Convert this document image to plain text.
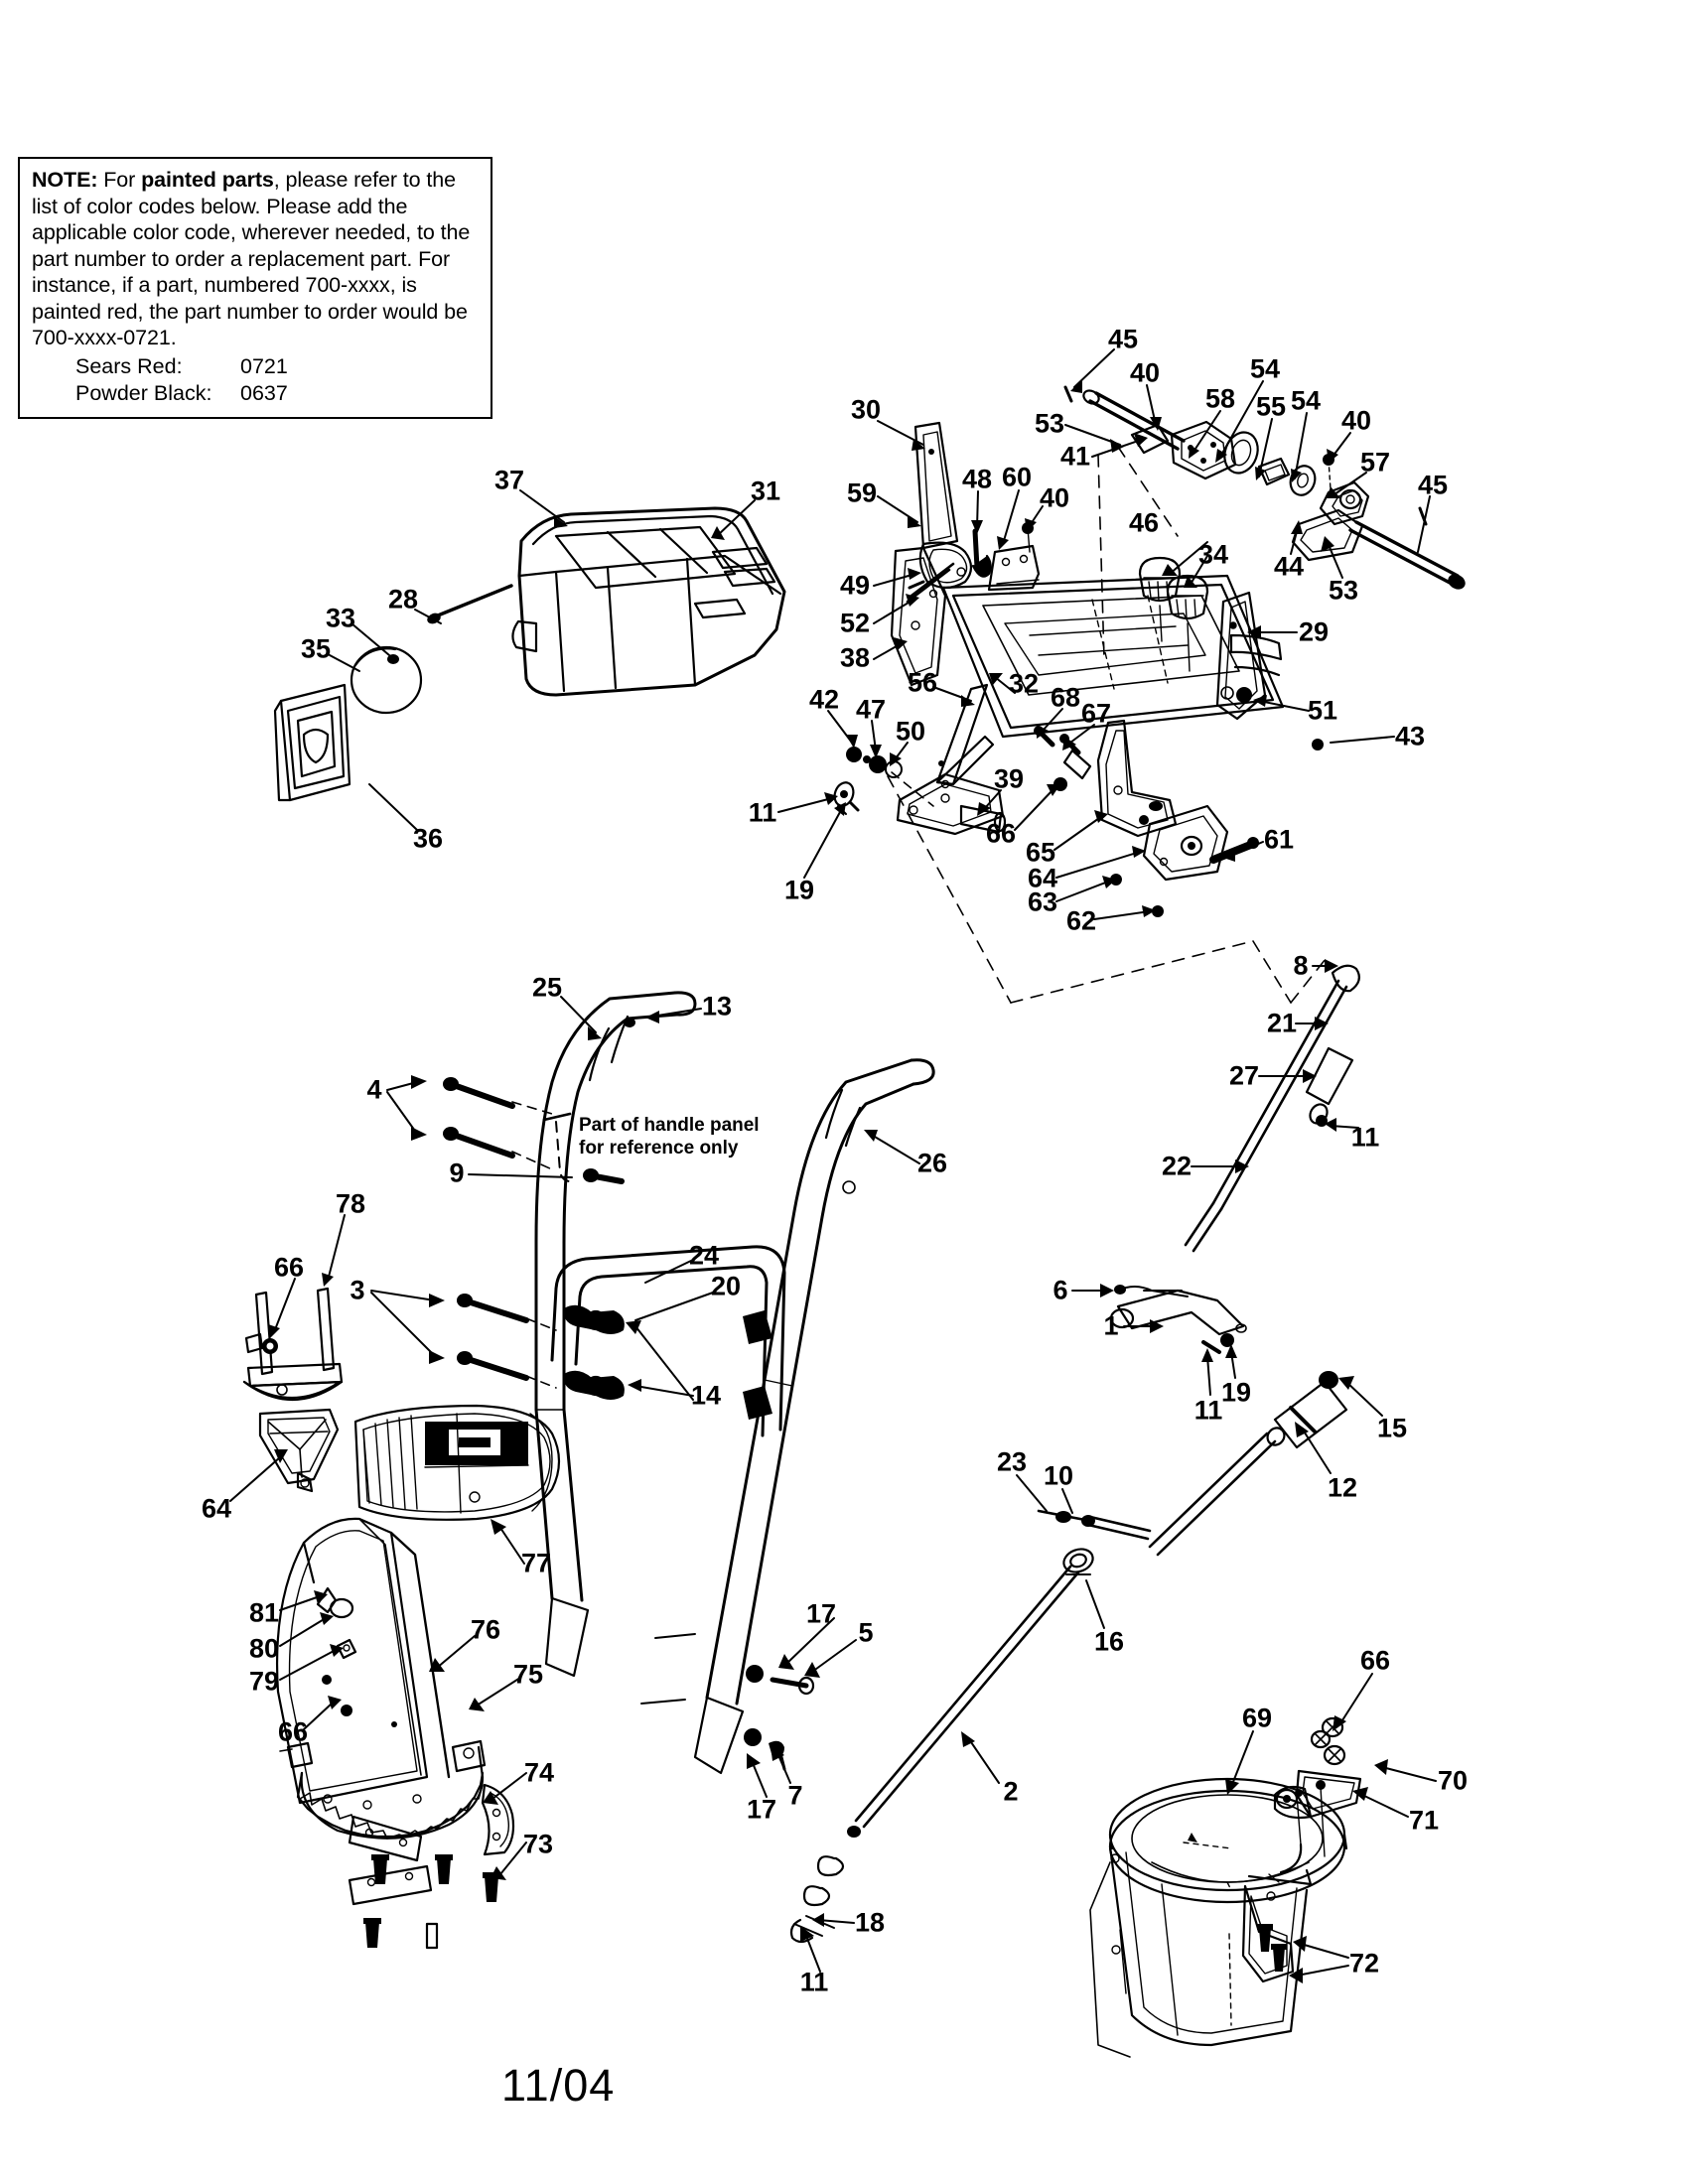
NOTE: For painted parts, please refer to the list of color codes below. Please add the applicable color code, wherever needed, to the part number to order a replacement part. For instance, if a part, numbered 700-xxxx, is painted red, the part number to order would be 700-xxxx-0721.

Sears Red:	0721
Powder Black:	0637
Part of handle panel
for reference only
30
45
40
58
54
55 54
40
53
41	57
45
44
53
46
34
59	48 60
40
49
52
38
37	31
28
33
35
36
29
51
43
32
56	68
67
42 47
50
39
66
65
64
63
62
61
11
19
8
21
27
11
22
25
13
4
9	26
78
66
3
24
20
14
64
77
81
80
79
76
66
75
74
73
6
1
11
19
15
12
23 10
16
17
5
7
17
2
18
11
69
66
70
71
72
11/04
